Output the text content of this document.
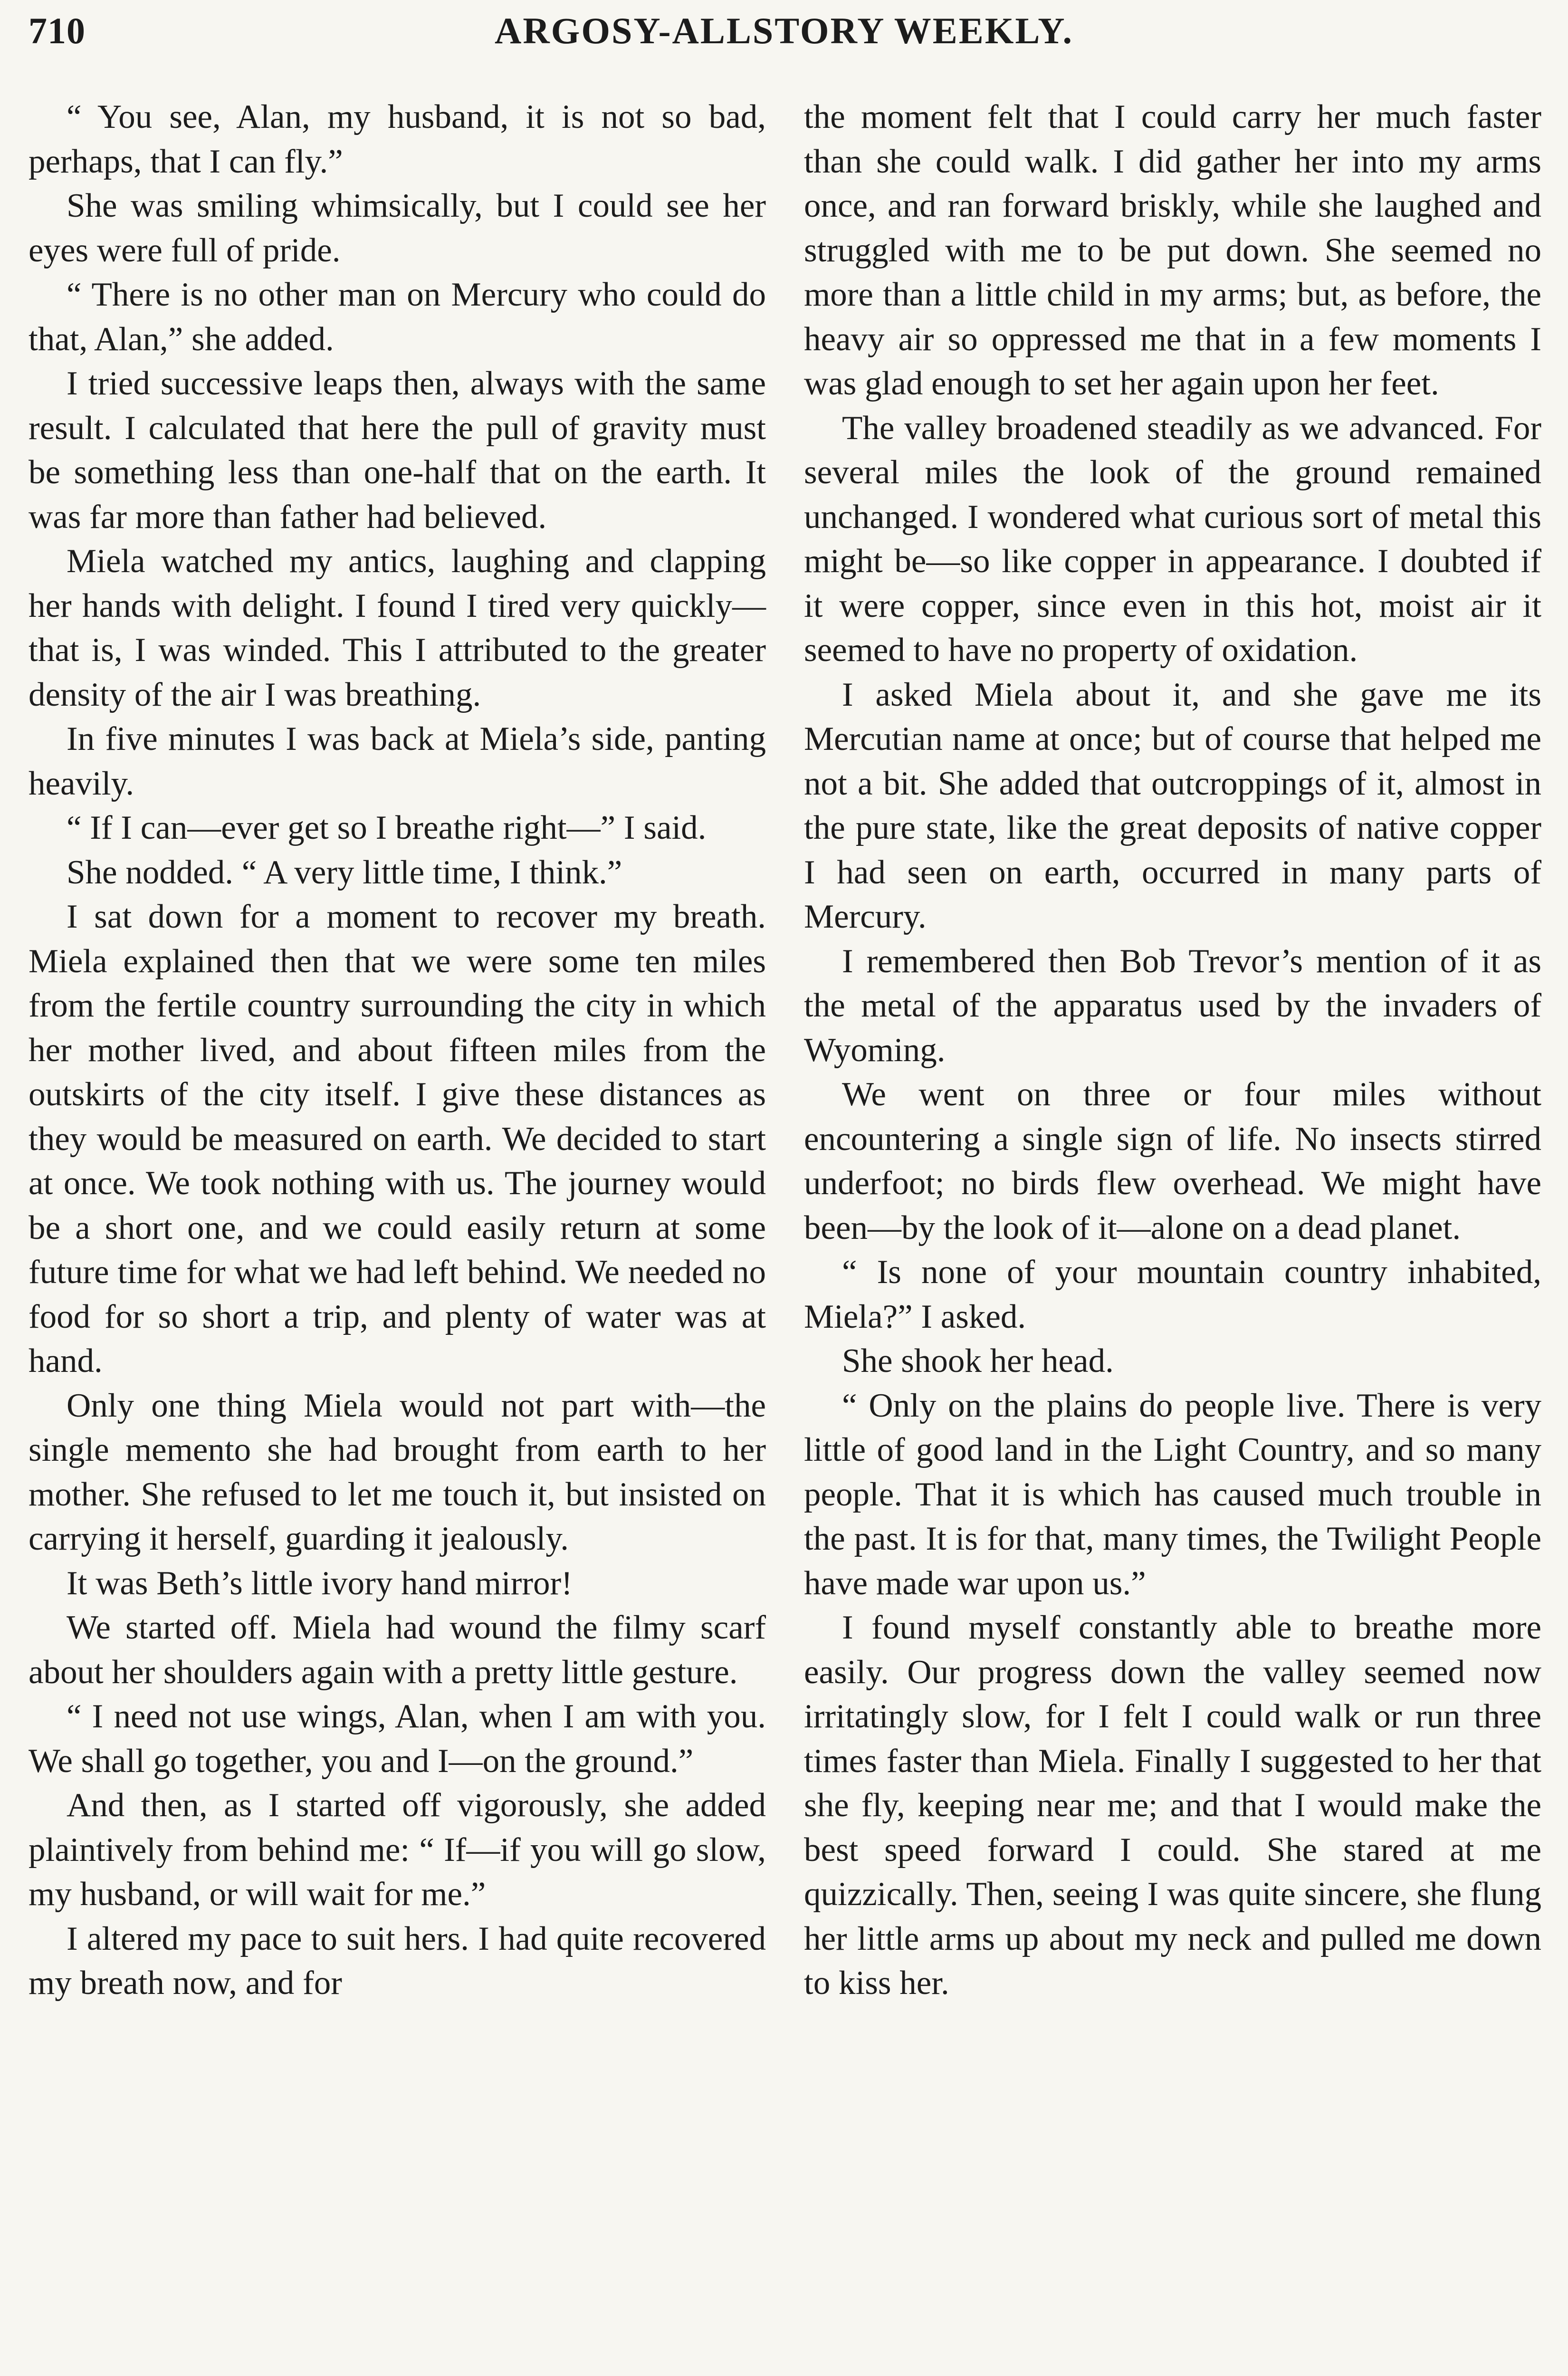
710	ARGOSY-ALLSTORY WEEKLY.

“ You see, Alan, my husband, it is not so bad, perhaps, that I can fly.”

She was smiling whimsically, but I could see her eyes were full of pride.

“ There is no other man on Mercury who could do that, Alan,” she added.

I tried successive leaps then, always with the same result. I calculated that here the pull of gravity must be something less than one-half that on the earth. It was far more than father had believed.

Miela watched my antics, laughing and clapping her hands with delight. I found I tired very quickly—that is, I was winded. This I attributed to the greater density of the air I was breathing.

In five minutes I was back at Miela’s side, panting heavily.

“ If I can—ever get so I breathe right—” I said.

She nodded. “ A very little time, I think.”

I sat down for a moment to recover my breath. Miela explained then that we were some ten miles from the fertile country surrounding the city in which her mother lived, and about fifteen miles from the outskirts of the city itself. I give these distances as they would be measured on earth. We decided to start at once. We took nothing with us. The journey would be a short one, and we could easily return at some future time for what we had left behind. We needed no food for so short a trip, and plenty of water was at hand.

Only one thing Miela would not part with—the single memento she had brought from earth to her mother. She refused to let me touch it, but insisted on carrying it herself, guarding it jealously.

It was Beth’s little ivory hand mirror!

We started off. Miela had wound the filmy scarf about her shoulders again with a pretty little gesture.

“ I need not use wings, Alan, when I am with you. We shall go together, you and I—on the ground.”

And then, as I started off vigorously, she added plaintively from behind me: “ If—if you will go slow, my husband, or will wait for me.”

I altered my pace to suit hers. I had quite recovered my breath now, and for

the moment felt that I could carry her much faster than she could walk. I did gather her into my arms once, and ran forward briskly, while she laughed and struggled with me to be put down. She seemed no more than a little child in my arms; but, as before, the heavy air so oppressed me that in a few moments I was glad enough to set her again upon her feet.

The valley broadened steadily as we advanced. For several miles the look of the ground remained unchanged. I wondered what curious sort of metal this might be—so like copper in appearance. I doubted if it were copper, since even in this hot, moist air it seemed to have no property of oxidation.

I asked Miela about it, and she gave me its Mercutian name at once; but of course that helped me not a bit. She added that outcroppings of it, almost in the pure state, like the great deposits of native copper I had seen on earth, occurred in many parts of Mercury.

I remembered then Bob Trevor’s mention of it as the metal of the apparatus used by the invaders of Wyoming.

We went on three or four miles without encountering a single sign of life. No insects stirred underfoot; no birds flew overhead. We might have been—by the look of it—alone on a dead planet.

“ Is none of your mountain country inhabited, Miela?” I asked.

She shook her head.

“ Only on the plains do people live. There is very little of good land in the Light Country, and so many people. That it is which has caused much trouble in the past. It is for that, many times, the Twilight People have made war upon us.”

I found myself constantly able to breathe more easily. Our progress down the valley seemed now irritatingly slow, for I felt I could walk or run three times faster than Miela. Finally I suggested to her that she fly, keeping near me; and that I would make the best speed forward I could. She stared at me quizzically. Then, seeing I was quite sincere, she flung her little arms up about my neck and pulled me down to kiss her.
